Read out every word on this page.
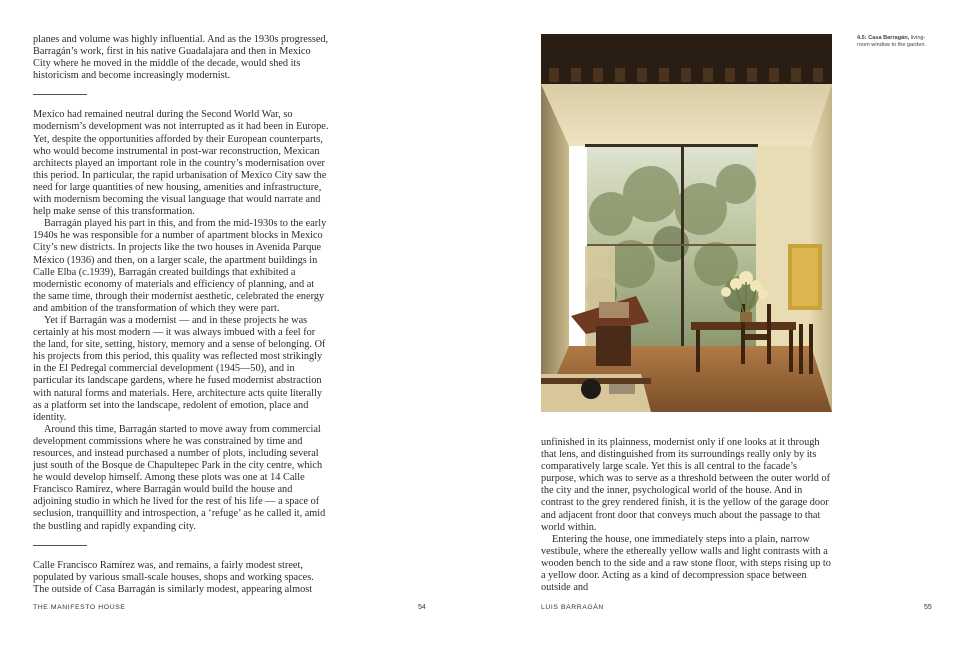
planes and volume was highly influential. And as the 1930s progressed, Barragán’s work, first in his native Guadalajara and then in Mexico City where he moved in the middle of the decade, would shed its historicism and become increasingly modernist.

Mexico had remained neutral during the Second World War, so modernism’s development was not interrupted as it had been in Europe. Yet, despite the opportunities afforded by their European counterparts, who would become instrumental in post-war reconstruction, Mexican architects played an important role in the country’s modernisation over this period. In particular, the rapid urbanisation of Mexico City saw the need for large quantities of new housing, amenities and infrastructure, with modernism becoming the visual language that would narrate and help make sense of this transformation.

Barragán played his part in this, and from the mid-1930s to the early 1940s he was responsible for a number of apartment blocks in Mexico City’s new districts. In projects like the two houses in Avenida Parque México (1936) and then, on a larger scale, the apartment buildings in Calle Elba (c.1939), Barragán created buildings that exhibited a modernistic economy of materials and efficiency of planning, and at the same time, through their modernist aesthetic, celebrated the energy and ambition of the transformation of which they were part.

Yet if Barragán was a modernist — and in these projects he was certainly at his most modern — it was always imbued with a feel for the land, for site, setting, history, memory and a sense of belonging. Of his projects from this period, this quality was reflected most strikingly in the El Pedregal commercial development (1945—50), and in particular its landscape gardens, where he fused modernist abstraction with natural forms and materials. Here, architecture acts quite literally as a platform set into the landscape, redolent of emotion, place and identity.

Around this time, Barragán started to move away from commercial development commissions where he was constrained by time and resources, and instead purchased a number of plots, including several just south of the Bosque de Chapultepec Park in the city centre, which he would develop himself. Among these plots was one at 14 Calle Francisco Ramírez, where Barragán would build the house and adjoining studio in which he lived for the rest of his life — a space of seclusion, tranquillity and introspection, a ‘refuge’ as he called it, amid the bustling and rapidly expanding city.

Calle Francisco Ramírez was, and remains, a fairly modest street, populated by various small-scale houses, shops and working spaces. The outside of Casa Barragán is similarly modest, appearing almost

THE MANIFESTO HOUSE	54
4.5: Casa Barragán, living-room window to the garden.

unfinished in its plainness, modernist only if one looks at it through that lens, and distinguished from its surroundings really only by its comparatively large scale. Yet this is all central to the facade’s purpose, which was to serve as a threshold between the outer world of the city and the inner, psychological world of the house. And in contrast to the grey rendered finish, it is the yellow of the garage door and adjacent front door that conveys much about the passage to that world within.

Entering the house, one immediately steps into a plain, narrow vestibule, where the ethereally yellow walls and light contrasts with a wooden bench to the side and a raw stone floor, with steps rising up to a yellow door. Acting as a kind of decompression space between outside and

LUIS BARRAGÁN	55
